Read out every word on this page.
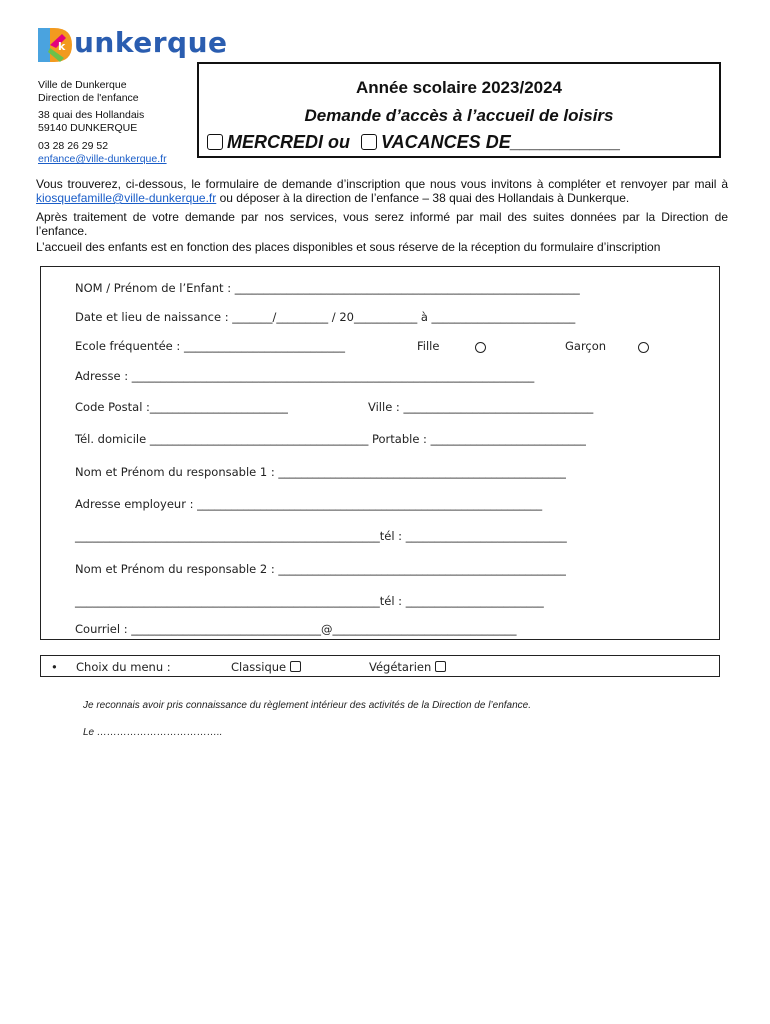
k unkerque
Ville de Dunkerque
Direction de l'enfance
38 quai des Hollandais
59140 DUNKERQUE
03 28 26 29 52
enfance@ville-dunkerque.fr
Année scolaire 2023/2024
Demande d’accès à l’accueil de loisirs
MERCREDI ou VACANCES DE___________
Vous trouverez, ci-dessous, le formulaire de demande d’inscription que nous vous invitons à compléter et renvoyer par mail à kiosquefamille@ville-dunkerque.fr ou déposer à la direction de l’enfance – 38 quai des Hollandais à Dunkerque.
Après traitement de votre demande par nos services, vous serez informé par mail des suites données par la Direction de l’enfance.
L’accueil des enfants est en fonction des places disponibles et sous réserve de la réception du formulaire d’inscription
NOM / Prénom de l’Enfant : ____________________________________________________________
Date et lieu de naissance : _______/_________ / 20___________ à _________________________
Ecole fréquentée : ____________________________	Fille	Garçon
Adresse : ______________________________________________________________________
Code Postal :________________________	Ville : _________________________________
Tél. domicile ______________________________________ Portable : ___________________________
Nom et Prénom du responsable 1 : __________________________________________________
Adresse employeur : ____________________________________________________________
_____________________________________________________tél : ____________________________
Nom et Prénom du responsable 2 : __________________________________________________
_____________________________________________________tél : ________________________
Courriel : _________________________________@________________________________
• Choix du menu :	Classique	Végétarien
Je reconnais avoir pris connaissance du règlement intérieur des activités de la Direction de l’enfance.
Le ………………………………..
